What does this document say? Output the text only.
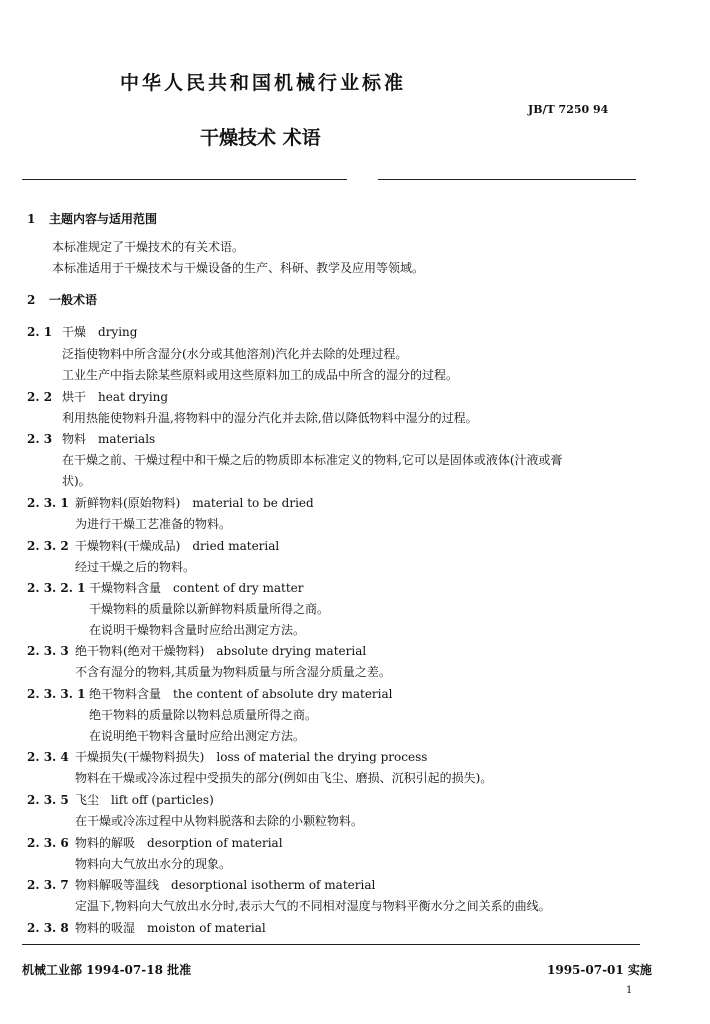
中华人民共和国机械行业标准
JB/T 7250 94
干燥技术 术语
1 主题内容与适用范围
本标准规定了干燥技术的有关术语。
本标准适用于干燥技术与干燥设备的生产、科研、教学及应用等领域。
2 一般术语
2. 1 干燥 drying
泛指使物料中所含湿分(水分或其他溶剂)汽化并去除的处理过程。
工业生产中指去除某些原料或用这些原料加工的成品中所含的湿分的过程。
2. 2 烘干 heat drying
利用热能使物料升温,将物料中的湿分汽化并去除,借以降低物料中湿分的过程。
2. 3 物料 materials
在干燥之前、干燥过程中和干燥之后的物质即本标准定义的物料,它可以是固体或液体(汁液或膏
状)。
2. 3. 1 新鲜物料(原始物料) material to be dried
为进行干燥工艺准备的物料。
2. 3. 2 干燥物料(干燥成品) dried material
经过干燥之后的物料。
2. 3. 2. 1 干燥物料含量 content of dry matter
干燥物料的质量除以新鲜物料质量所得之商。
在说明干燥物料含量时应给出测定方法。
2. 3. 3 绝干物料(绝对干燥物料) absolute drying material
不含有湿分的物料,其质量为物料质量与所含湿分质量之差。
2. 3. 3. 1 绝干物料含量 the content of absolute dry material
绝干物料的质量除以物料总质量所得之商。
在说明绝干物料含量时应给出测定方法。
2. 3. 4 干燥损失(干燥物料损失) loss of material the drying process
物料在干燥或冷冻过程中受损失的部分(例如由飞尘、磨损、沉积引起的损失)。
2. 3. 5 飞尘 lift off (particles)
在干燥或冷冻过程中从物料脱落和去除的小颗粒物料。
2. 3. 6 物料的解吸 desorption of material
物料向大气放出水分的现象。
2. 3. 7 物料解吸等温线 desorptional isotherm of material
定温下,物料向大气放出水分时,表示大气的不同相对湿度与物料平衡水分之间关系的曲线。
2. 3. 8 物料的吸湿 moiston of material
机械工业部 1994-07-18 批准	1995-07-01 实施
1
